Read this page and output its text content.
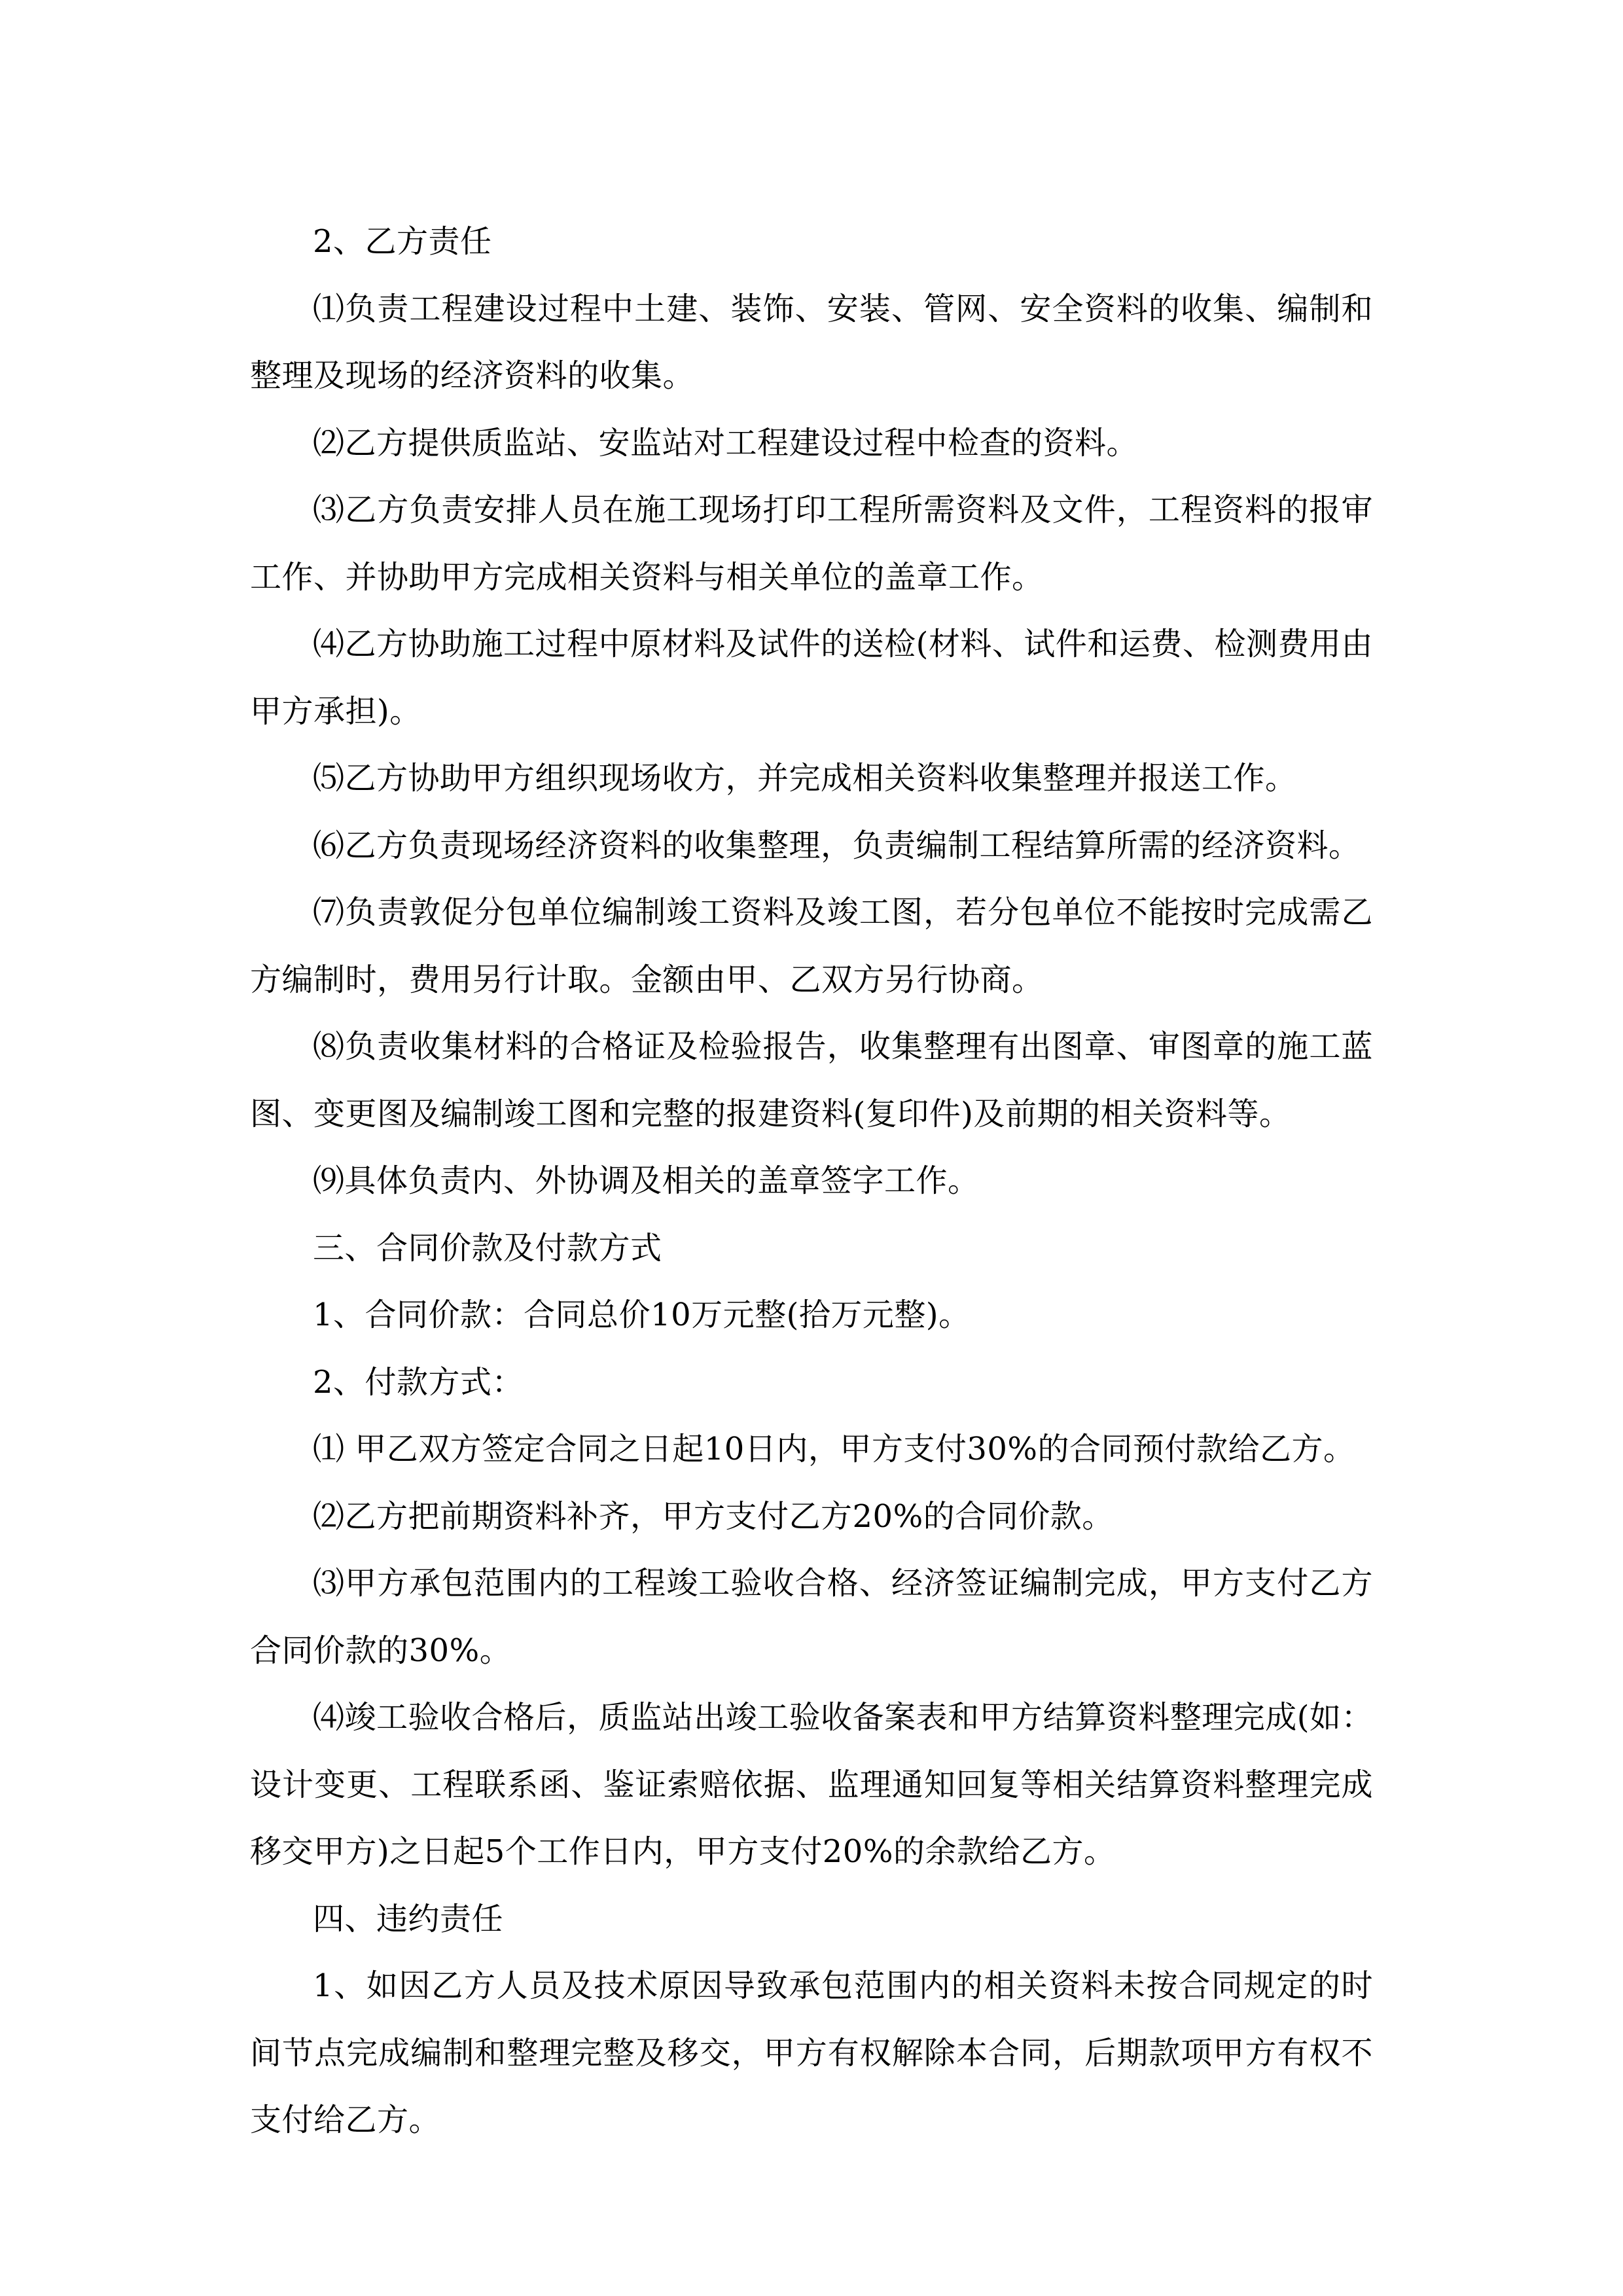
2、乙方责任

⑴负责工程建设过程中土建、装饰、安装、管网、安全资料的收集、编制和整理及现场的经济资料的收集。

⑵乙方提供质监站、安监站对工程建设过程中检查的资料。

⑶乙方负责安排人员在施工现场打印工程所需资料及文件，工程资料的报审工作、并协助甲方完成相关资料与相关单位的盖章工作。

⑷乙方协助施工过程中原材料及试件的送检(材料、试件和运费、检测费用由甲方承担)。

⑸乙方协助甲方组织现场收方，并完成相关资料收集整理并报送工作。

⑹乙方负责现场经济资料的收集整理，负责编制工程结算所需的经济资料。

⑺负责敦促分包单位编制竣工资料及竣工图，若分包单位不能按时完成需乙方编制时，费用另行计取。金额由甲、乙双方另行协商。

⑻负责收集材料的合格证及检验报告，收集整理有出图章、审图章的施工蓝图、变更图及编制竣工图和完整的报建资料(复印件)及前期的相关资料等。

⑼具体负责内、外协调及相关的盖章签字工作。

三、合同价款及付款方式

1、合同价款：合同总价10万元整(拾万元整)。

2、付款方式：

⑴ 甲乙双方签定合同之日起10日内，甲方支付30%的合同预付款给乙方。

⑵乙方把前期资料补齐，甲方支付乙方20%的合同价款。

⑶甲方承包范围内的工程竣工验收合格、经济签证编制完成，甲方支付乙方合同价款的30%。

⑷竣工验收合格后，质监站出竣工验收备案表和甲方结算资料整理完成(如：设计变更、工程联系函、鉴证索赔依据、监理通知回复等相关结算资料整理完成移交甲方)之日起5个工作日内，甲方支付20%的余款给乙方。

四、违约责任

1、如因乙方人员及技术原因导致承包范围内的相关资料未按合同规定的时间节点完成编制和整理完整及移交，甲方有权解除本合同，后期款项甲方有权不支付给乙方。
